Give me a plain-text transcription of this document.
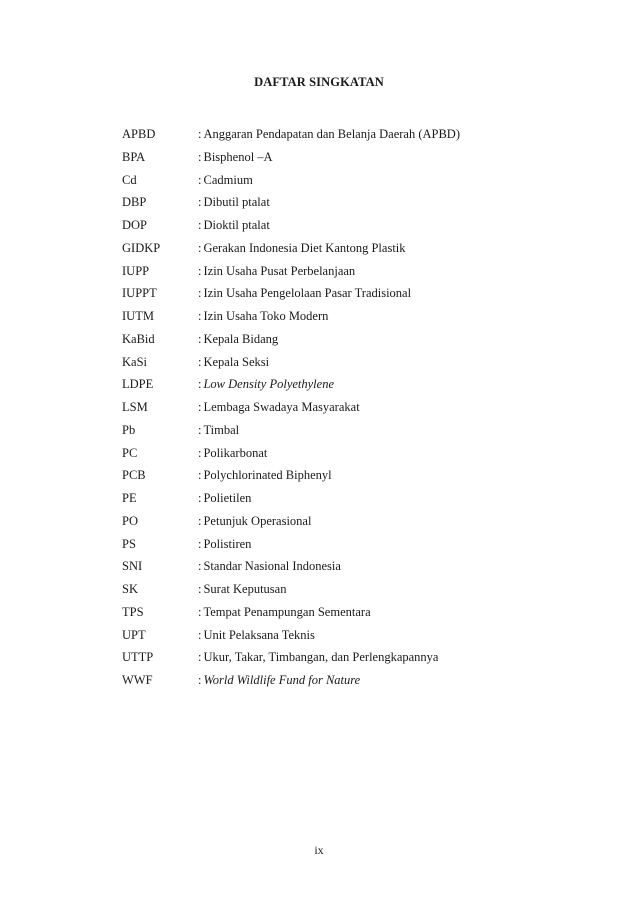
DAFTAR SINGKATAN
APBD	: Anggaran Pendapatan dan Belanja Daerah (APBD)
BPA	: Bisphenol –A
Cd	: Cadmium
DBP	: Dibutil ptalat
DOP	: Dioktil ptalat
GIDKP	: Gerakan Indonesia Diet Kantong Plastik
IUPP	: Izin Usaha Pusat Perbelanjaan
IUPPT	: Izin Usaha Pengelolaan Pasar Tradisional
IUTM	: Izin Usaha Toko Modern
KaBid	: Kepala Bidang
KaSi	: Kepala Seksi
LDPE	: Low Density Polyethylene
LSM	: Lembaga Swadaya Masyarakat
Pb	: Timbal
PC	: Polikarbonat
PCB	: Polychlorinated Biphenyl
PE	: Polietilen
PO	: Petunjuk Operasional
PS	: Polistiren
SNI	: Standar Nasional Indonesia
SK	: Surat Keputusan
TPS	: Tempat Penampungan Sementara
UPT	: Unit Pelaksana Teknis
UTTP	: Ukur, Takar, Timbangan, dan Perlengkapannya
WWF	: World Wildlife Fund for Nature
ix
